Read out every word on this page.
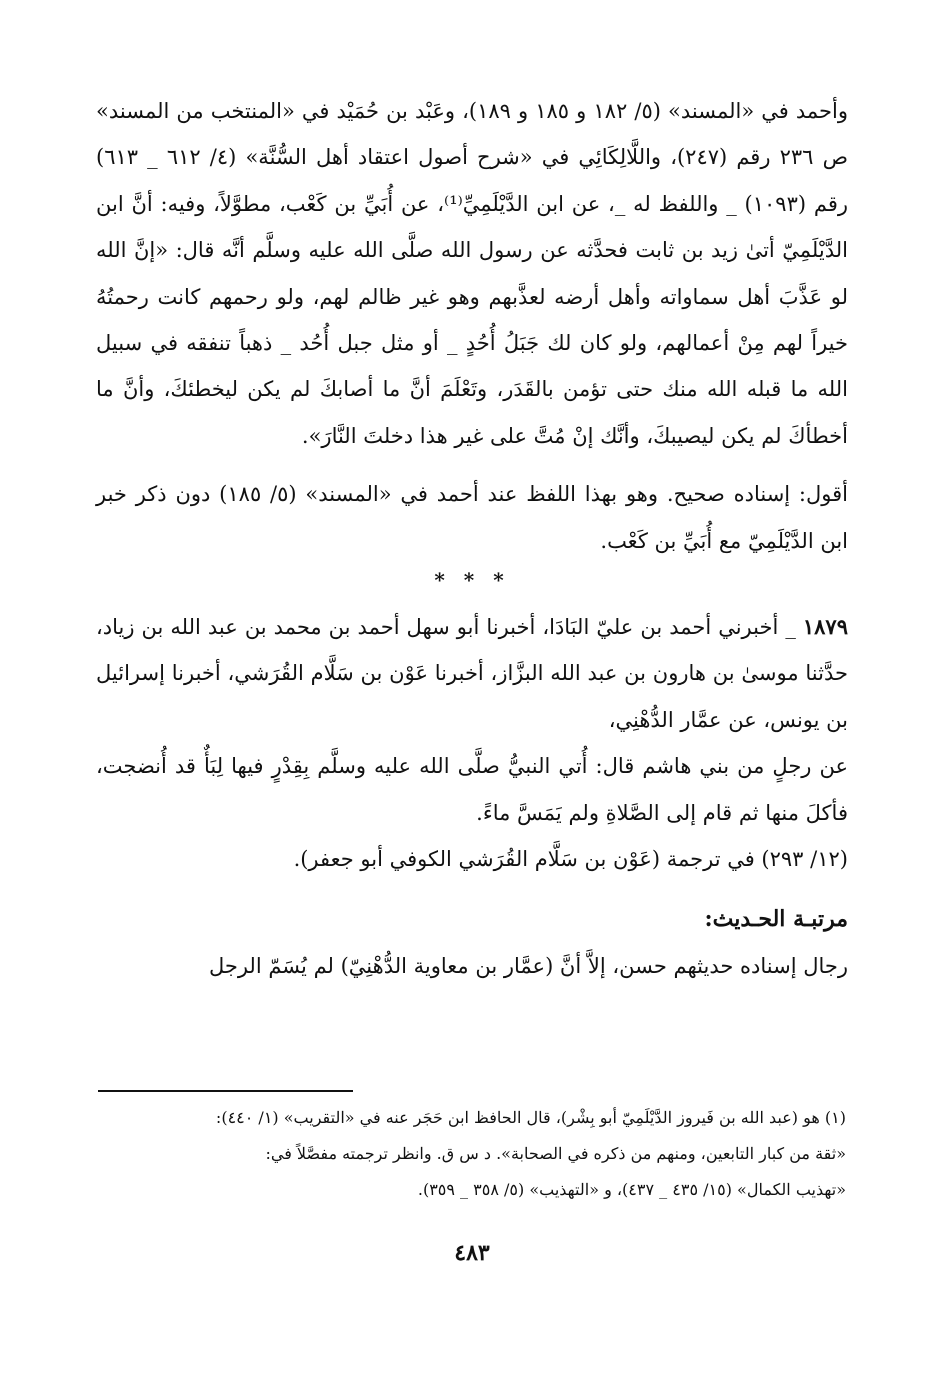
وأحمد في «المسند» (٥/ ١٨٢ و ١٨٥ و ١٨٩)، وعَبْد بن حُمَيْد في «المنتخب من المسند» ص ٢٣٦ رقم (٢٤٧)، واللَّالِكَائِي في «شرح أصول اعتقاد أهل السُّنَّة» (٤/ ٦١٢ _ ٦١٣) رقم (١٠٩٣) _ واللفظ له _، عن ابن الدَّيْلَمِيِّ⁽¹⁾، عن أُبَيِّ بن كَعْب، مطوَّلاً، وفيه: أنَّ ابن الدَّيْلَمِيّ أتىٰ زيد بن ثابت فحدَّثه عن رسول الله صلَّى الله عليه وسلَّم أنَّه قال: «إنَّ الله لو عَذَّبَ أهل سماواته وأهل أرضه لعذَّبهم وهو غير ظالم لهم، ولو رحمهم كانت رحمتُهُ خيراً لهم مِنْ أعمالهم، ولو كان لك جَبَلُ أُحُدٍ _ أو مثل جبل أُحُد _ ذهباً تنفقه في سبيل الله ما قبله الله منك حتى تؤمن بالقَدَر، وتَعْلَمَ أنَّ ما أصابكَ لم يكن ليخطئكَ، وأنَّ ما أخطأكَ لم يكن ليصيبكَ، وأنَّك إنْ مُتَّ على غير هذا دخلتَ النَّارَ».

أقول: إسناده صحيح. وهو بهذا اللفظ عند أحمد في «المسند» (٥/ ١٨٥) دون ذكر خبر ابن الدَّيْلَمِيّ مع أُبَيِّ بن كَعْب.

* * *

١٨٧٩ _ أخبرني أحمد بن عليّ البَادَا، أخبرنا أبو سهل أحمد بن محمد بن عبد الله بن زياد، حدَّثنا موسىٰ بن هارون بن عبد الله البزَّاز، أخبرنا عَوْن بن سَلَّام القُرَشي، أخبرنا إسرائيل بن يونس، عن عمَّار الدُّهْنِي،

عن رجلٍ من بني هاشم قال: أُتي النبيُّ صلَّى الله عليه وسلَّم بِقِدْرٍ فيها لِبَأٌ قد أُنضجت، فأكلَ منها ثم قام إلى الصَّلاةِ ولم يَمَسَّ ماءً.

(١٢/ ٢٩٣) في ترجمة (عَوْن بن سَلَّام القُرَشي الكوفي أبو جعفر).

مرتبـة الحـديث:

رجال إسناده حديثهم حسن، إلاَّ أنَّ (عمَّار بن معاوية الدُّهْنِيّ) لم يُسَمّ الرجل

(١) هو (عبد الله بن فَيروز الدَّيْلَمِيّ أبو بِشْر)، قال الحافظ ابن حَجَر عنه في «التقريب» (١/ ٤٤٠):

«ثقة من كبار التابعين، ومنهم من ذكره في الصحابة». د س ق. وانظر ترجمته مفصَّلاً في:

«تهذيب الكمال» (١٥/ ٤٣٥ _ ٤٣٧)، و «التهذيب» (٥/ ٣٥٨ _ ٣٥٩).

٤٨٣
